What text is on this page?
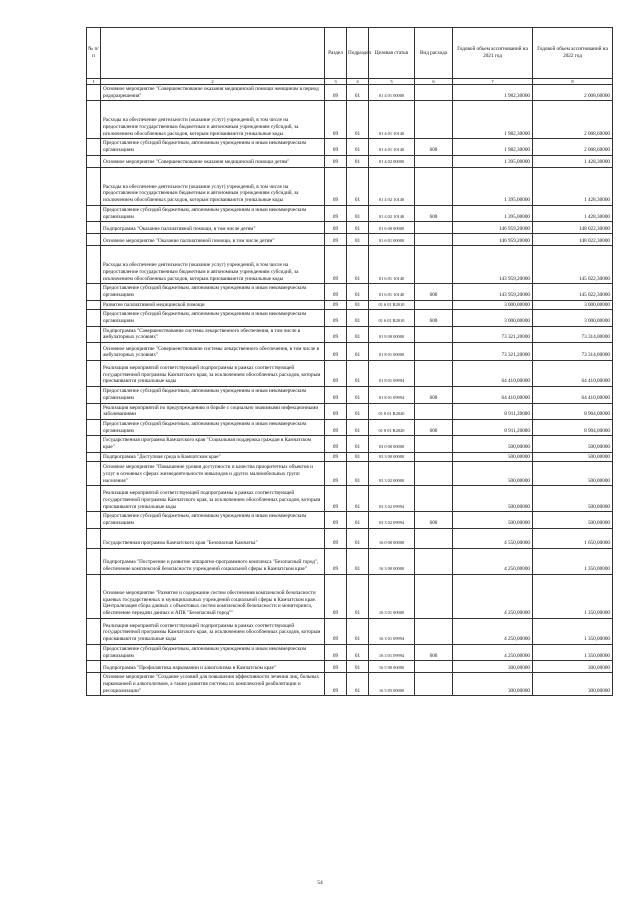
№ п/п		Раздел	Подраздел	Целевая статья	Вид расхода	Годовой объем ассигнований на 2021 год	Годовой объем ассигнований на 2022 год
1	2	3	4	5	6	7	8
	Основное мероприятие "Совершенствование оказания медицинской помощи женщинам в период родоразрешения"	09	01	01 4 01 00000		1 982,30000	2 008,60000
	Расходы на обеспечение деятельности (оказание услуг) учреждений, в том числе на предоставление государственным бюджетным и автономным учреждениям субсидий, за исключением обособленных расходов, которым присваиваются уникальные коды	09	01	01 4 01 10140		1 982,30000	2 008,60000
	Предоставление субсидий бюджетным, автономным учреждениям и иным некоммерческим организациям	09	01	01 4 01 10140	600	1 982,30000	2 008,60000
	Основное мероприятие "Совершенствование оказания медицинской помощи детям"	09	01	01 4 02 00000		1 395,00000	1 428,30000
	Расходы на обеспечение деятельности (оказание услуг) учреждений, в том числе на предоставление государственным бюджетным и автономным учреждениям субсидий, за исключением обособленных расходов, которым присваиваются уникальные коды	09	01	01 4 02 10140		1 395,00000	1 428,30000
	Предоставление субсидий бюджетным, автономным учреждениям и иным некоммерческим организациям	09	01	01 4 02 10140	600	1 395,00000	1 428,30000
	Подпрограмма "Оказание паллиативной помощи, в том числе детям"	09	01	01 6 00 00000		146 959,20000	148 022,30000
	Основное мероприятие "Оказание паллиативной помощи, в том числе детям"	09	01	01 6 01 00000		146 959,20000	148 022,30000
	Расходы на обеспечение деятельности (оказание услуг) учреждений, в том числе на предоставление государственным бюджетным и автономным учреждениям субсидий, за исключением обособленных расходов, которым присваиваются уникальные коды	09	01	01 6 01 10140		143 959,20000	145 022,30000
	Предоставление субсидий бюджетным, автономным учреждениям и иным некоммерческим организациям	09	01	01 6 01 10140	600	143 959,20000	145 022,30000
	Развитие паллиативной медицинской помощи	09	01	01 6 01 R2010		3 000,00000	3 000,00000
	Предоставление субсидий бюджетным, автономным учреждениям и иным некоммерческим организациям	09	01	01 6 01 R2010	600	3 000,00000	3 000,00000
	Подпрограмма "Совершенствование системы лекарственного обеспечения, в том числе в амбулаторных условиях"	09	01	01 8 00 00000		73 321,20000	73 314,00000
	Основное мероприятие "Совершенствование системы лекарственного обеспечения, в том числе в амбулаторных условиях"	09	01	01 8 01 00000		73 321,20000	73 314,00000
	Реализация мероприятий соответствующей подпрограммы в рамках соответствующей государственной программы Камчатского края, за исключением обособленных расходов, которым присваиваются уникальные коды	09	01	01 8 01 09994		64 410,00000	64 410,00000
	Предоставление субсидий бюджетным, автономным учреждениям и иным некоммерческим организациям	09	01	01 8 01 09994	600	64 410,00000	64 410,00000
	Реализация мероприятий по предупреждению и борьбе с социально значимыми инфекционными заболеваниями	09	01	01 8 01 R2020		8 911,20000	8 904,00000
	Предоставление субсидий бюджетным, автономным учреждениям и иным некоммерческим организациям	09	01	01 8 01 R2020	600	8 911,20000	8 904,00000
	Государственная программа Камчатского края "Социальная поддержка граждан в Камчатском крае"	09	01	03 0 00 00000		500,00000	500,00000
	Подпрограмма "Доступная среда в Камчатском крае"	09	01	03 3 00 00000		500,00000	500,00000
	Основное мероприятие "Повышение уровня доступности и качества приоритетных объектов и услуг в основных сферах жизнедеятельности инвалидов и других маломобильных групп населения"	09	01	03 3 02 00000		500,00000	500,00000
	Реализация мероприятий соответствующей подпрограммы в рамках соответствующей государственной программы Камчатского края, за исключением обособленных расходов, которым присваиваются уникальные коды	09	01	03 3 02 09994		500,00000	500,00000
	Предоставление субсидий бюджетным, автономным учреждениям и иным некоммерческим организациям	09	01	03 3 02 09994	600	500,00000	500,00000
	Государственная программа Камчатского края "Безопасная Камчатка"	09	01	16 0 00 00000		4 550,00000	1 650,00000
	Подпрограмма "Построение и развитие аппаратно-программного комплекса "Безопасный город", обеспечение комплексной безопасности учреждений социальной сферы в Камчатском крае"	09	01	16 3 00 00000		4 250,00000	1 350,00000
	Основное мероприятие "Развитие и содержание систем обеспечения комплексной безопасности краевых государственных и муниципальных учреждений социальной сферы в Камчатском крае. Централизация сбора данных с объектовых систем комплексной безопасности и мониторинга, обеспечение передачи данных в АПК "Безопасный город""	09	01	16 3 01 00000		4 250,00000	1 350,00000
	Реализация мероприятий соответствующей подпрограммы в рамках соответствующей государственной программы Камчатского края, за исключением обособленных расходов, которым присваиваются уникальные коды	09	01	16 3 01 09994		4 250,00000	1 350,00000
	Предоставление субсидий бюджетным, автономным учреждениям и иным некоммерческим организациям	09	01	16 3 01 09994	600	4 250,00000	1 350,00000
	Подпрограмма "Профилактика наркомании и алкоголизма в Камчатском крае"	09	01	16 5 00 00000		300,00000	300,00000
	Основное мероприятие "Создание условий для повышения эффективности лечения лиц, больных наркоманией и алкоголизмом, а также развития системы их комплексной реабилитации и ресоциализации"	09	01	16 5 05 00000		300,00000	300,00000
54
